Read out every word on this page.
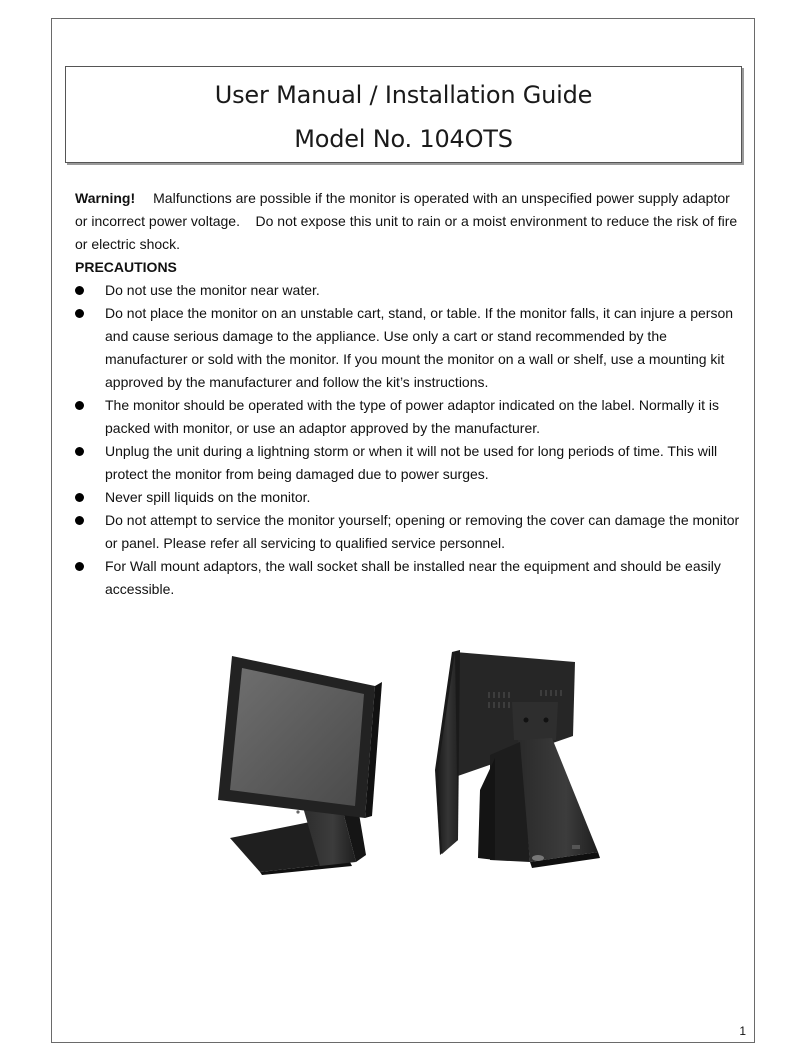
User Manual / Installation Guide
Model No. 104OTS

Warning! Malfunctions are possible if the monitor is operated with an unspecified power supply adaptor or incorrect power voltage.    Do not expose this unit to rain or a moist environment to reduce the risk of fire or electric shock.

PRECAUTIONS

Do not use the monitor near water.
Do not place the monitor on an unstable cart, stand, or table. If the monitor falls, it can injure a person and cause serious damage to the appliance. Use only a cart or stand recommended by the manufacturer or sold with the monitor. If you mount the monitor on a wall or shelf, use a mounting kit approved by the manufacturer and follow the kit’s instructions.
The monitor should be operated with the type of power adaptor indicated on the label. Normally it is packed with monitor, or use an adaptor approved by the manufacturer.
Unplug the unit during a lightning storm or when it will not be used for long periods of time. This will protect the monitor from being damaged due to power surges.
Never spill liquids on the monitor.
Do not attempt to service the monitor yourself; opening or removing the cover can damage the monitor or panel. Please refer all servicing to qualified service personnel.
For Wall mount adaptors, the wall socket shall be installed near the equipment and should be easily accessible.
1
